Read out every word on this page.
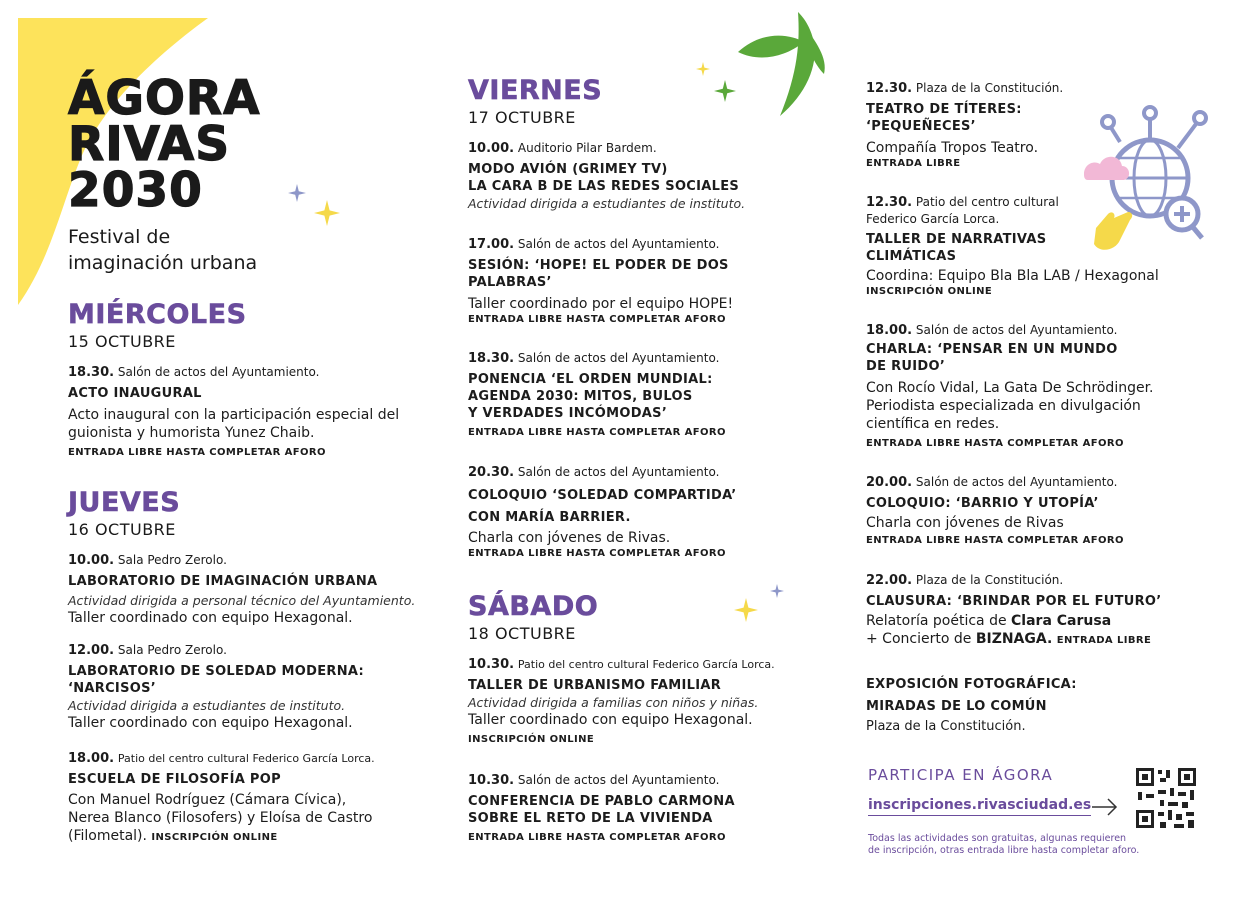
ÁGORA
RIVAS
2030
Festival de
imaginación urbana
MIÉRCOLES
15 OCTUBRE
18.30. Salón de actos del Ayuntamiento.
ACTO INAUGURAL
Acto inaugural con la participación especial del guionista y humorista Yunez Chaib.
ENTRADA LIBRE HASTA COMPLETAR AFORO
JUEVES
16 OCTUBRE
10.00. Sala Pedro Zerolo.
LABORATORIO DE IMAGINACIÓN URBANA
Actividad dirigida a personal técnico del Ayuntamiento.
Taller coordinado con equipo Hexagonal.
12.00. Sala Pedro Zerolo.
LABORATORIO DE SOLEDAD MODERNA:
‘NARCISOS’
Actividad dirigida a estudiantes de instituto.
Taller coordinado con equipo Hexagonal.
18.00. Patio del centro cultural Federico García Lorca.
ESCUELA DE FILOSOFÍA POP
Con Manuel Rodríguez (Cámara Cívica),
Nerea Blanco (Filosofers) y Eloísa de Castro
(Filometal). INSCRIPCIÓN ONLINE
VIERNES
17 OCTUBRE
10.00. Auditorio Pilar Bardem.
MODO AVIÓN (GRIMEY TV)
LA CARA B DE LAS REDES SOCIALES
Actividad dirigida a estudiantes de instituto.
17.00. Salón de actos del Ayuntamiento.
SESIÓN: ‘HOPE! EL PODER DE DOS
PALABRAS’
Taller coordinado por el equipo HOPE!
ENTRADA LIBRE HASTA COMPLETAR AFORO
18.30. Salón de actos del Ayuntamiento.
PONENCIA ‘EL ORDEN MUNDIAL:
AGENDA 2030: MITOS, BULOS
Y VERDADES INCÓMODAS’
ENTRADA LIBRE HASTA COMPLETAR AFORO
20.30. Salón de actos del Ayuntamiento.
COLOQUIO ‘SOLEDAD COMPARTIDA’
CON MARÍA BARRIER.
Charla con jóvenes de Rivas.
ENTRADA LIBRE HASTA COMPLETAR AFORO
SÁBADO
18 OCTUBRE
10.30. Patio del centro cultural Federico García Lorca.
TALLER DE URBANISMO FAMILIAR
Actividad dirigida a familias con niños y niñas.
Taller coordinado con equipo Hexagonal.
INSCRIPCIÓN ONLINE
10.30. Salón de actos del Ayuntamiento.
CONFERENCIA DE PABLO CARMONA
SOBRE EL RETO DE LA VIVIENDA
ENTRADA LIBRE HASTA COMPLETAR AFORO
12.30. Plaza de la Constitución.
TEATRO DE TÍTERES:
‘PEQUEÑECES’
Compañía Tropos Teatro.
ENTRADA LIBRE
12.30. Patio del centro cultural
Federico García Lorca.
TALLER DE NARRATIVAS
CLIMÁTICAS
Coordina: Equipo Bla Bla LAB / Hexagonal
INSCRIPCIÓN ONLINE
18.00. Salón de actos del Ayuntamiento.
CHARLA: ‘PENSAR EN UN MUNDO
DE RUIDO’
Con Rocío Vidal, La Gata De Schrödinger.
Periodista especializada en divulgación
científica en redes.
ENTRADA LIBRE HASTA COMPLETAR AFORO
20.00. Salón de actos del Ayuntamiento.
COLOQUIO: ‘BARRIO Y UTOPÍA’
Charla con jóvenes de Rivas
ENTRADA LIBRE HASTA COMPLETAR AFORO
22.00. Plaza de la Constitución.
CLAUSURA: ‘BRINDAR POR EL FUTURO’
Relatoría poética de Clara Carusa
+ Concierto de BIZNAGA. ENTRADA LIBRE
EXPOSICIÓN FOTOGRÁFICA:
MIRADAS DE LO COMÚN
Plaza de la Constitución.
PARTICIPA EN ÁGORA
inscripciones.rivasciudad.es
Todas las actividades son gratuitas, algunas requieren
de inscripción, otras entrada libre hasta completar aforo.
